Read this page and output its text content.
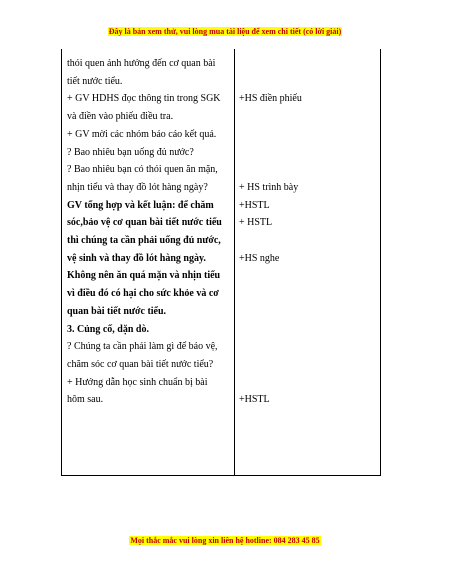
Đây là bản xem thử, vui lòng mua tài liệu để xem chi tiết (có lời giải)
thói quen ảnh hưởng đến cơ quan bài
tiết nước tiểu.
+ GV HDHS đọc thông tin trong SGK
và điền vào phiếu điều tra.
+ GV mời các nhóm báo cáo kết quả.
? Bao nhiêu bạn uống đủ nước?
? Bao nhiêu bạn có thói quen ăn mặn,
nhịn tiểu và thay đồ lót hàng ngày?
GV tổng hợp và kết luận: để chăm
sóc,bảo vệ cơ quan bài tiết nước tiểu
thì chúng ta cần phải uống đủ nước,
vệ sinh và thay đồ lót hàng ngày.
Không nên ăn quá mặn và nhịn tiểu
vì điều đó có hại cho sức khỏe và cơ
quan bài tiết nước tiểu.
3. Củng cố, dặn dò.
? Chúng ta cần phải làm gì để bảo vệ,
chăm sóc cơ quan bài tiết nước tiểu?
+ Hướng dẫn học sinh chuẩn bị bài
hôm sau.
+HS điền phiếu
+ HS trình bày
+HSTL
+ HSTL
+HS nghe
+HSTL
Mọi thắc mắc vui lòng xin liên hệ hotline: 084 283 45 85
